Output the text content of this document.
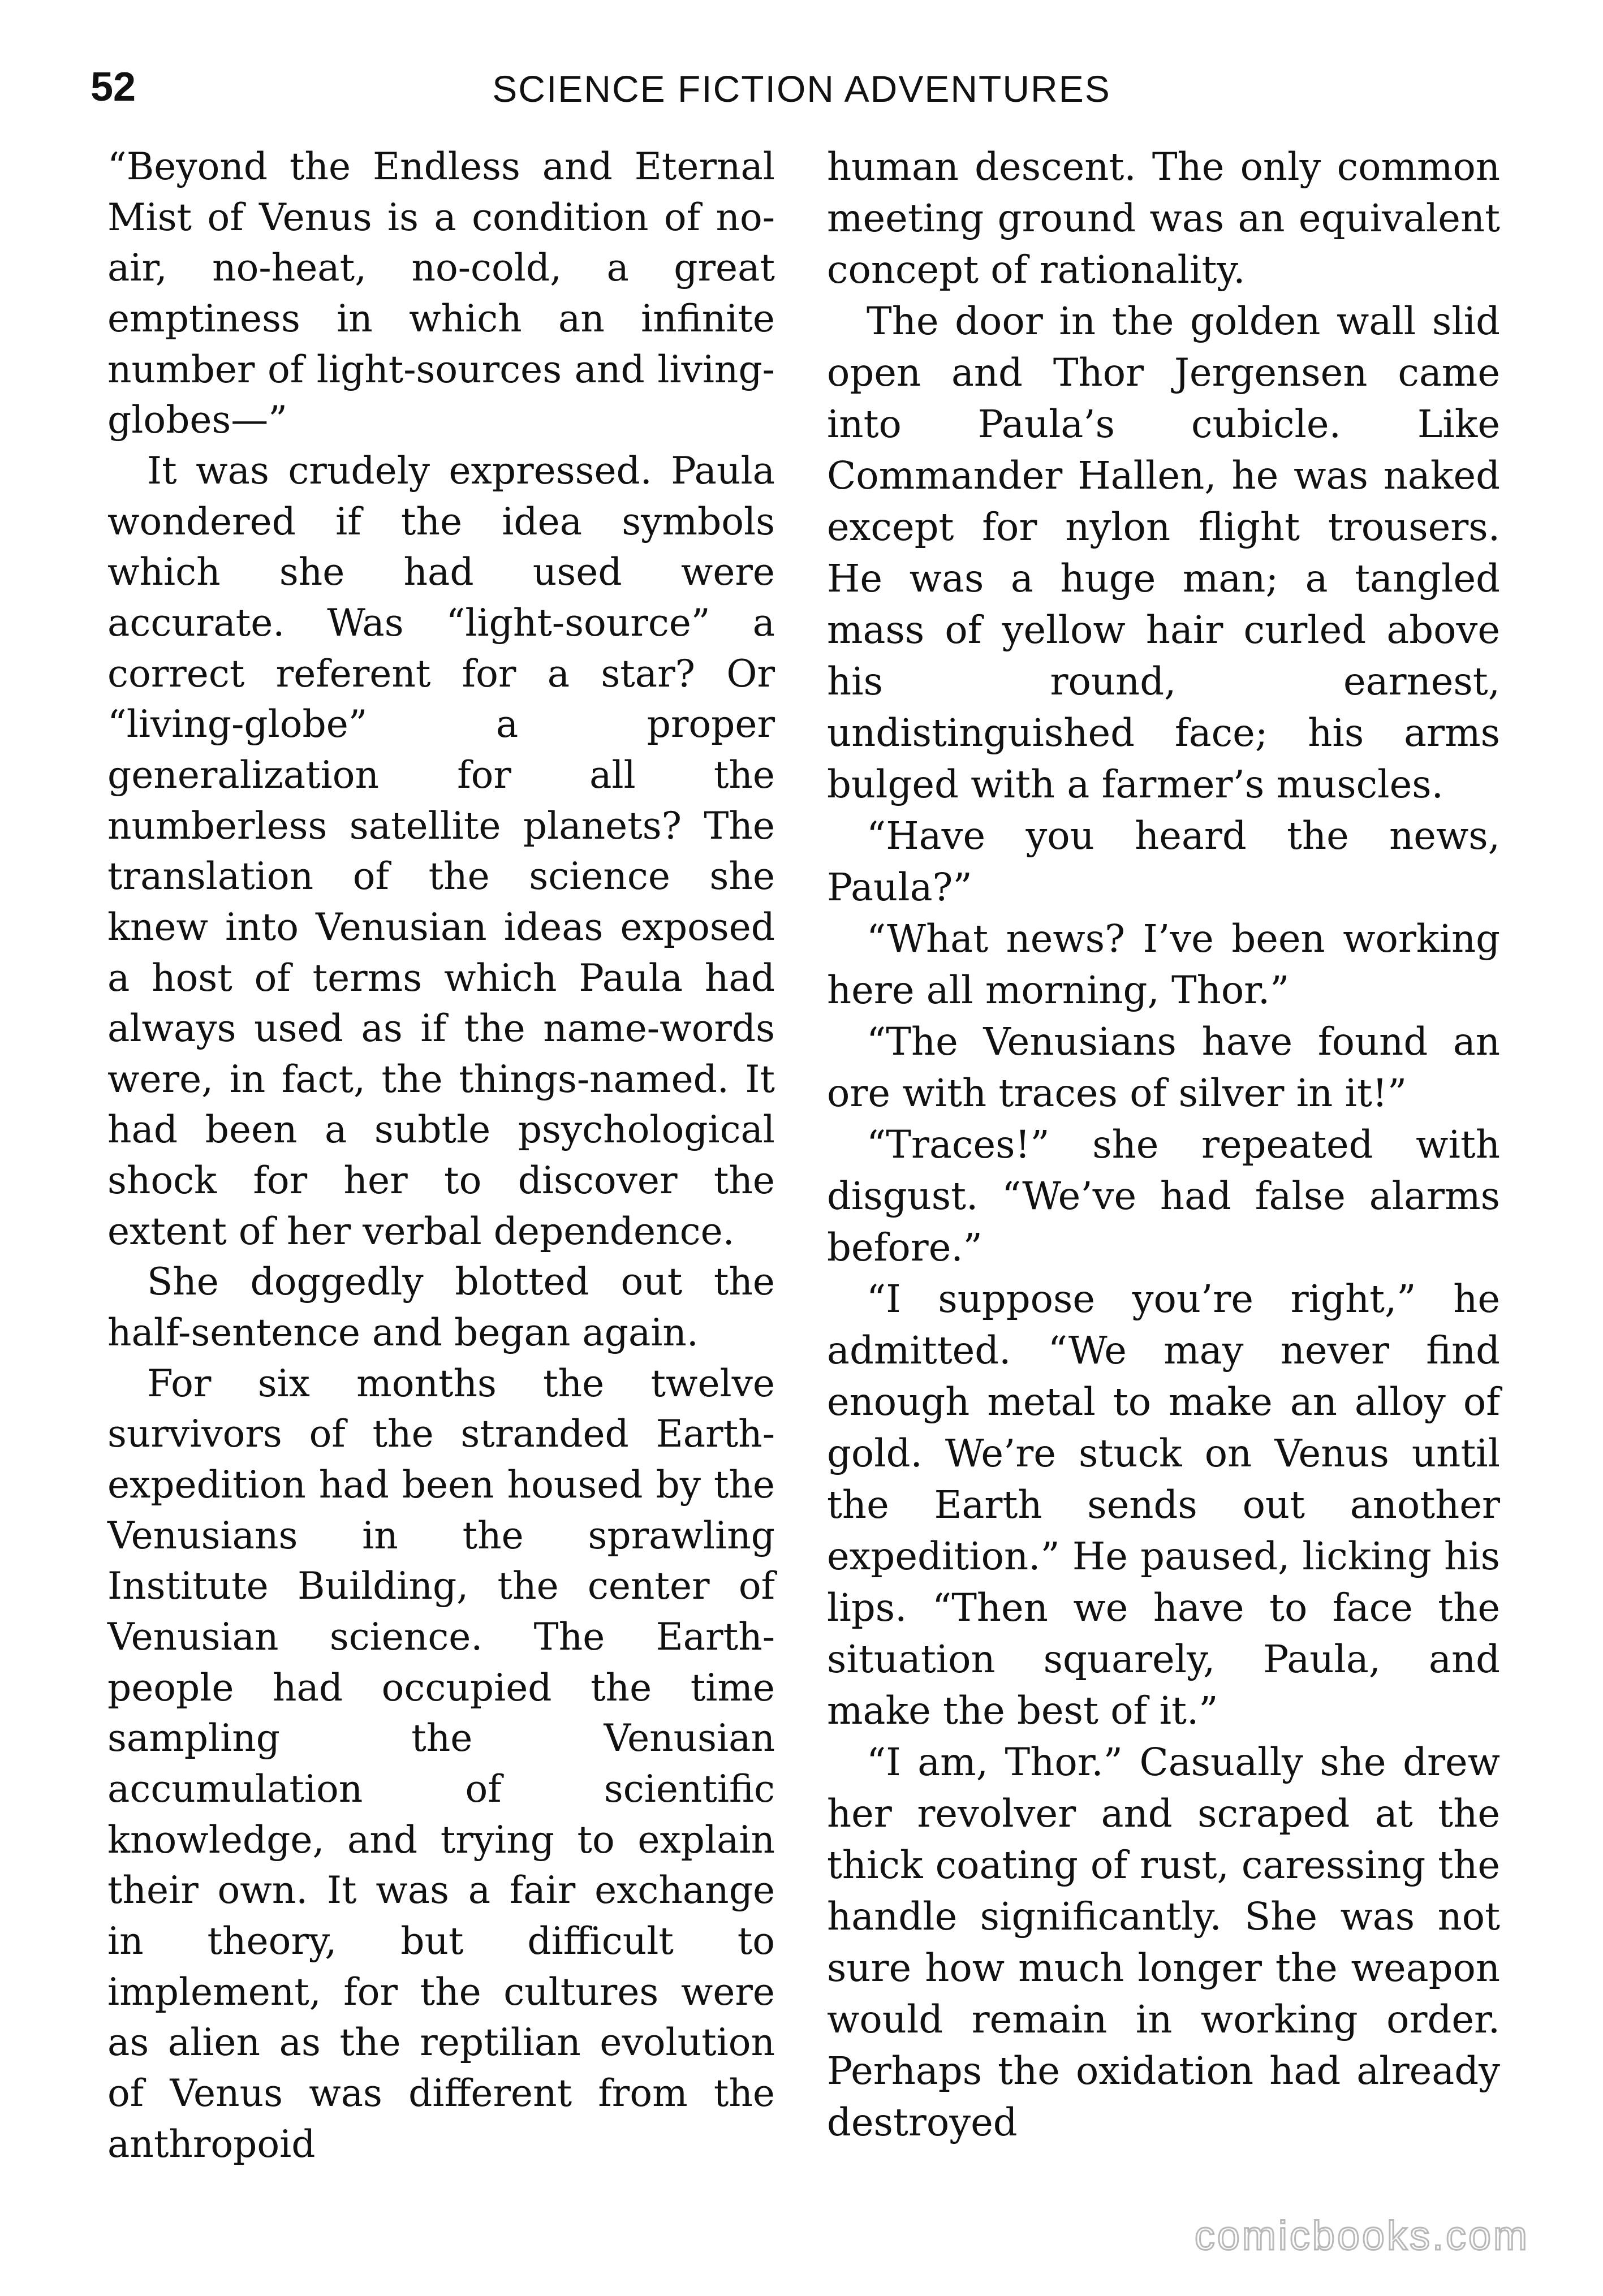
52	SCIENCE FICTION ADVENTURES

“Beyond the Endless and Eternal Mist of Venus is a condition of no-air, no-heat, no-cold, a great emptiness in which an infinite number of light-sources and living-globes—”

It was crudely expressed. Paula wondered if the idea symbols which she had used were accurate. Was “light-source” a correct referent for a star? Or “living-globe” a proper generalization for all the numberless satellite planets? The translation of the science she knew into Venusian ideas exposed a host of terms which Paula had always used as if the name-words were, in fact, the things-named. It had been a subtle psychological shock for her to discover the extent of her verbal dependence.

She doggedly blotted out the half-sentence and began again.

For six months the twelve survivors of the stranded Earth-expedition had been housed by the Venusians in the sprawling Institute Building, the center of Venusian science. The Earth-people had occupied the time sampling the Venusian accumulation of scientific knowledge, and trying to explain their own. It was a fair exchange in theory, but difficult to implement, for the cultures were as alien as the reptilian evolution of Venus was different from the anthropoid

human descent. The only common meeting ground was an equivalent concept of rationality.

The door in the golden wall slid open and Thor Jergensen came into Paula’s cubicle. Like Commander Hallen, he was naked except for nylon flight trousers. He was a huge man; a tangled mass of yellow hair curled above his round, earnest, undistinguished face; his arms bulged with a farmer’s muscles.

“Have you heard the news, Paula?”

“What news? I’ve been working here all morning, Thor.”

“The Venusians have found an ore with traces of silver in it!”

“Traces!” she repeated with disgust. “We’ve had false alarms before.”

“I suppose you’re right,” he admitted. “We may never find enough metal to make an alloy of gold. We’re stuck on Venus until the Earth sends out another expedition.” He paused, licking his lips. “Then we have to face the situation squarely, Paula, and make the best of it.”

“I am, Thor.” Casually she drew her revolver and scraped at the thick coating of rust, caressing the handle significantly. She was not sure how much longer the weapon would remain in working order. Perhaps the oxidation had already destroyed

comicbooks.com
